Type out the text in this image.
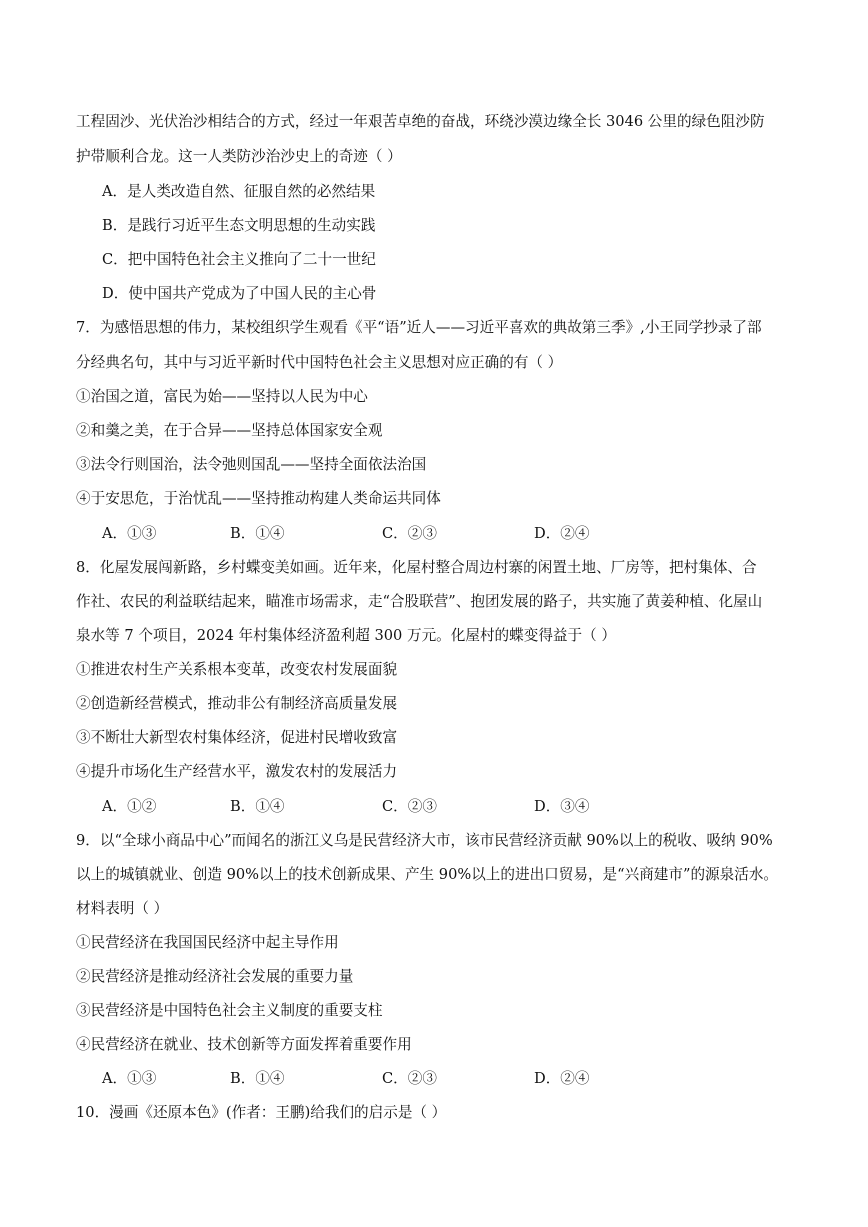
工程固沙、光伏治沙相结合的方式，经过一年艰苦卓绝的奋战，环绕沙漠边缘全长 3046 公里的绿色阻沙防
护带顺利合龙。这一人类防沙治沙史上的奇迹（ ）
A．是人类改造自然、征服自然的必然结果
B．是践行习近平生态文明思想的生动实践
C．把中国特色社会主义推向了二十一世纪
D．使中国共产党成为了中国人民的主心骨
7．为感悟思想的伟力，某校组织学生观看《平“语”近人——习近平喜欢的典故第三季》,小王同学抄录了部
分经典名句，其中与习近平新时代中国特色社会主义思想对应正确的有（ ）
①治国之道，富民为始——坚持以人民为中心
②和羹之美，在于合异——坚持总体国家安全观
③法令行则国治，法令弛则国乱——坚持全面依法治国
④于安思危，于治忧乱——坚持推动构建人类命运共同体
A．①③	B．①④	C．②③	D．②④
8．化屋发展闯新路，乡村蝶变美如画。近年来，化屋村整合周边村寨的闲置土地、厂房等，把村集体、合
作社、农民的利益联结起来，瞄准市场需求，走“合股联营”、抱团发展的路子，共实施了黄姜种植、化屋山
泉水等 7 个项目，2024 年村集体经济盈利超 300 万元。化屋村的蝶变得益于（ ）
①推进农村生产关系根本变革，改变农村发展面貌
②创造新经营模式，推动非公有制经济高质量发展
③不断壮大新型农村集体经济，促进村民增收致富
④提升市场化生产经营水平，激发农村的发展活力
A．①②	B．①④	C．②③	D．③④
9．以“全球小商品中心”而闻名的浙江义乌是民营经济大市，该市民营经济贡献 90%以上的税收、吸纳 90%
以上的城镇就业、创造 90%以上的技术创新成果、产生 90%以上的进出口贸易，是“兴商建市”的源泉活水。
材料表明（ ）
①民营经济在我国国民经济中起主导作用
②民营经济是推动经济社会发展的重要力量
③民营经济是中国特色社会主义制度的重要支柱
④民营经济在就业、技术创新等方面发挥着重要作用
A．①③	B．①④	C．②③	D．②④
10．漫画《还原本色》(作者：王鹏)给我们的启示是（ ）
